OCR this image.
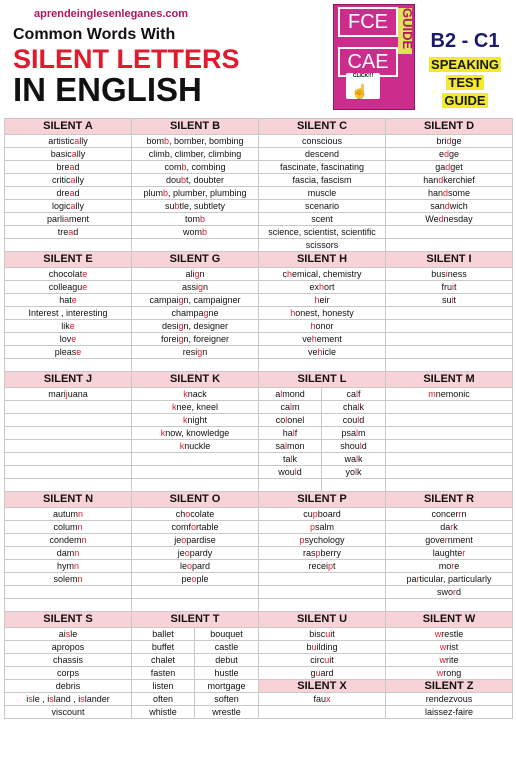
aprendeinglesenleganes.com
Common Words With
SILENT LETTERS
IN ENGLISH
FCE
CAE
GUIDE
CLICK!!!
☝
B2 - C1
SPEAKING
TEST
GUIDE
SILENT A	SILENT B		SILENT C		SILENT D
artistically	bomb, bomber, bombing		conscious		bridge
basically	climb, climber, climbing		descend		edge
bread	comb, combing		fascinate, fascinating		gadget
critically	doubt, doubter		fascia, fascism		handkerchief
dread	plumb, plumber, plumbing		muscle		handsome
logically	subtle, subtlety		scenario		sandwich
parliament	tomb		scent		Wednesday
tread	womb		science, scientist, scientific		
			scissors		
SILENT E	SILENT G		SILENT H		SILENT I
chocolate	align		chemical, chemistry		business
colleague	assign		exhort		fruit
hate	campaign, campaigner		heir		suit
Interest , interesting	champagne		honest, honesty		
like	design, designer		honor		
love	foreign, foreigner		vehement		
please	resign		vehicle		

SILENT J	SILENT K		SILENT L		SILENT M
marijuana	knack		almond	calf	mnemonic
	knee, kneel		calm	chalk	
	knight		colonel	could	
	know, knowledge		half	psalm	
	knuckle		salmon	should	
			talk	walk	
			would	yolk	

SILENT N	SILENT O		SILENT P		SILENT R
autumn	chocolate		cupboard		concerrn
column	comfortable		psalm		dark
condemn	jeopardise		psychology		government
damn	jeopardy		raspberry		laughter
hymn	leopard		receipt		more
solemn	people				particular, particularly
					sword

SILENT S	SILENT T		SILENT U		SILENT W
aisle	ballet	bouquet	biscuit		wrestle
apropos	buffet	castle	building		wrist
chassis	chalet	debut	circuit		write
corps	fasten	hustle	guard		wrong
debris	listen	mortgage	SILENT X		SILENT Z
isle , island , islander	often	soften	faux		rendezvous
viscount	whistle	wrestle			laissez-faire
